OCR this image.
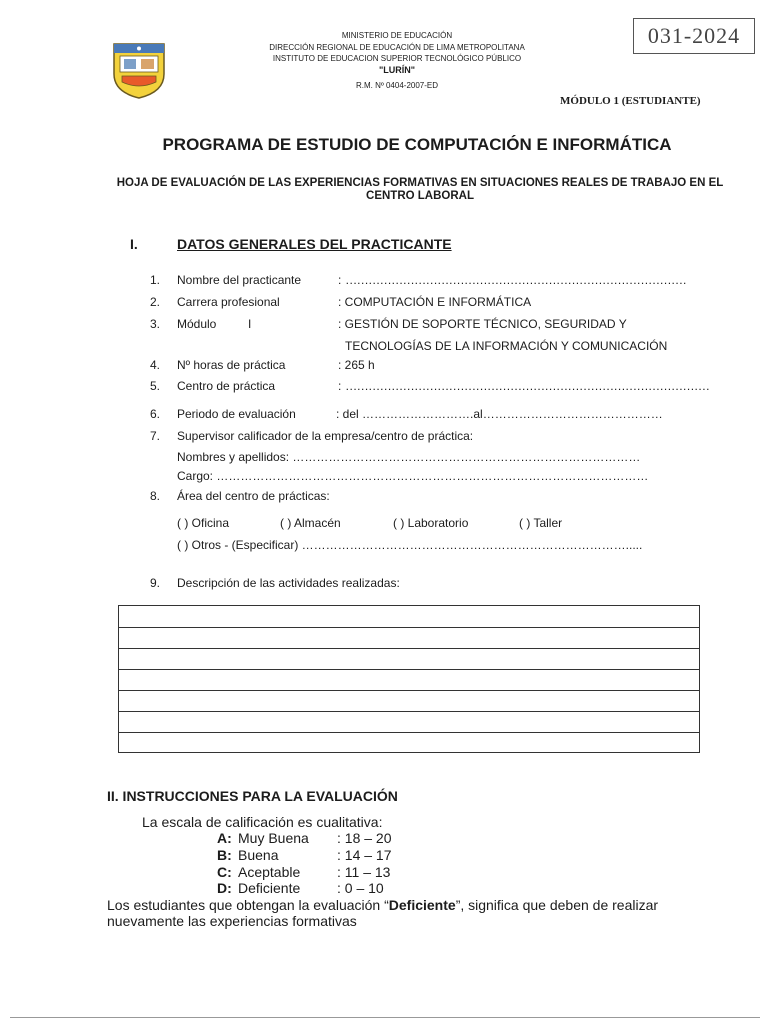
MINISTERIO DE EDUCACIÓN
DIRECCIÓN REGIONAL DE EDUCACIÓN DE LIMA METROPOLITANA
INSTITUTO DE EDUCACION SUPERIOR TECNOLÓGICO PÚBLICO
"LURÍN"
R.M. Nº 0404-2007-ED
031-2024
MÓDULO 1 (ESTUDIANTE)
PROGRAMA DE ESTUDIO DE COMPUTACIÓN E INFORMÁTICA
HOJA DE EVALUACIÓN DE LAS EXPERIENCIAS FORMATIVAS EN SITUACIONES REALES DE TRABAJO EN EL CENTRO LABORAL
I.	DATOS GENERALES DEL PRACTICANTE
1. Nombre del practicante	: .........................................................................................
2. Carrera profesional	: COMPUTACIÓN E INFORMÁTICA
3. Módulo	I	: GESTIÓN DE SOPORTE TÉCNICO, SEGURIDAD Y
TECNOLOGÍAS DE LA INFORMACIÓN Y COMUNICACIÓN
4. Nº horas de práctica	: 265 h
5. Centro de práctica	: ...............................................................................................
6. Periodo de evaluación	: del ……………………….al………………………………………
7. Supervisor calificador de la empresa/centro de práctica:
Nombres y apellidos: ……………………………………………………………………………
Cargo: ………………………………………………………………………………………………
8. Área del centro de prácticas:
( ) Oficina	( ) Almacén	( ) Laboratorio	( ) Taller
( ) Otros - (Especificar) ……………………………………………………………………….....
9. Descripción de las actividades realizadas:
II. INSTRUCCIONES PARA LA EVALUACIÓN
La escala de calificación es cualitativa:
A: Muy Buena : 18 – 20
B: Buena	: 14 – 17
C: Aceptable	: 11 – 13
D: Deficiente	: 0 – 10
Los estudiantes que obtengan la evaluación “Deficiente”, significa que deben de realizar
nuevamente las experiencias formativas
